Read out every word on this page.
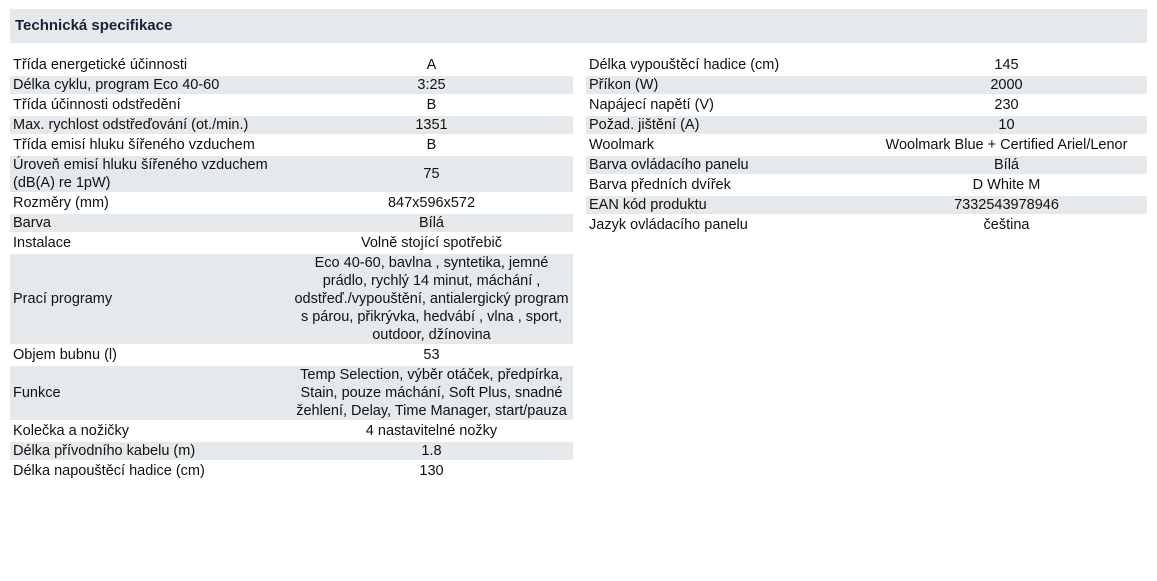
Technická specifikace
Třída energetické účinnosti	A
Délka cyklu, program Eco 40-60	3:25
Třída účinnosti odstředění	B
Max. rychlost odstřeďování (ot./min.)	1351
Třída emisí hluku šířeného vzduchem	B
Úroveň emisí hluku šířeného vzduchem (dB(A) re 1pW)	75
Rozměry (mm)	847x596x572
Barva	Bílá
Instalace	Volně stojící spotřebič
Prací programy	Eco 40-60, bavlna , syntetika, jemné prádlo, rychlý 14 minut, máchání , odstřeď./vypouštění, antialergický program s párou, přikrývka, hedvábí , vlna , sport, outdoor, džínovina
Objem bubnu (l)	53
Funkce	Temp Selection, výběr otáček, předpírka, Stain, pouze máchání, Soft Plus, snadné žehlení, Delay, Time Manager, start/pauza
Kolečka a nožičky	4 nastavitelné nožky
Délka přívodního kabelu (m)	1.8
Délka napouštěcí hadice (cm)	130
Délka vypouštěcí hadice (cm)	145
Příkon (W)	2000
Napájecí napětí (V)	230
Požad. jištění (A)	10
Woolmark	Woolmark Blue + Certified Ariel/Lenor
Barva ovládacího panelu	Bílá
Barva předních dvířek	D White M
EAN kód produktu	7332543978946
Jazyk ovládacího panelu	čeština
